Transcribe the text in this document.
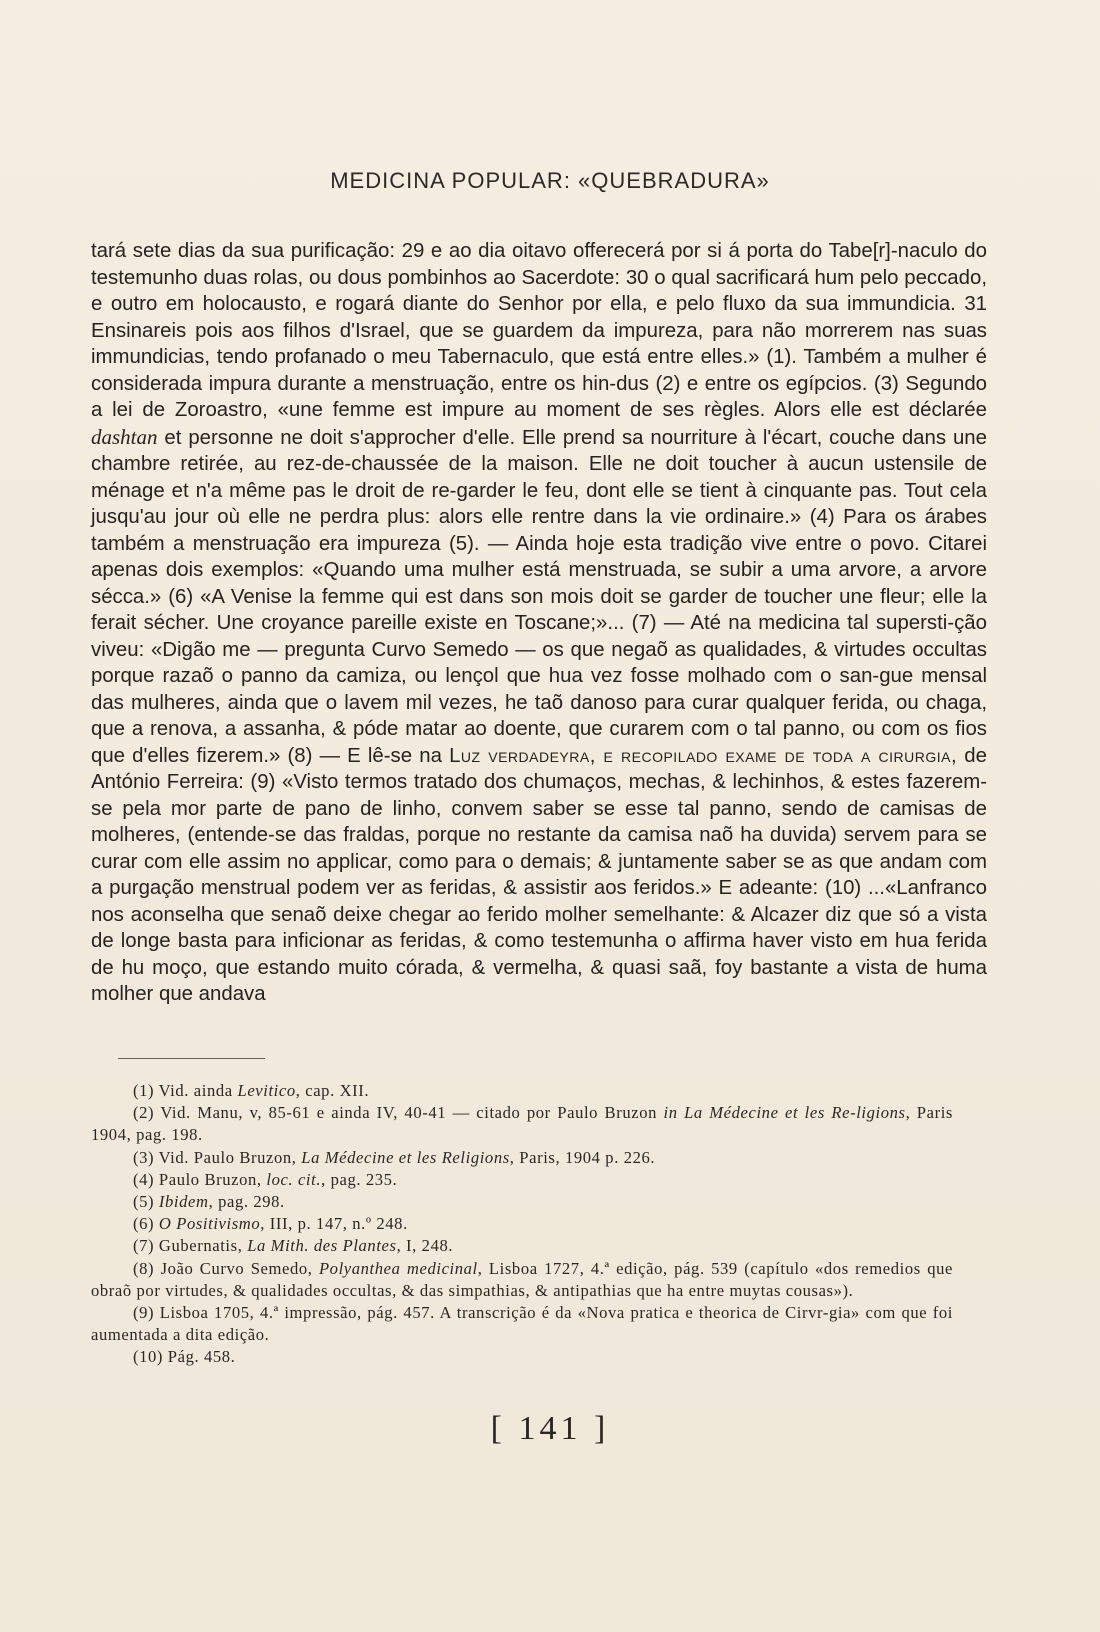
MEDICINA POPULAR: «QUEBRADURA»

tará sete dias da sua purificação: 29 e ao dia oitavo offerecerá por si á porta do Tabe[r]-naculo do testemunho duas rolas, ou dous pombinhos ao Sacerdote: 30 o qual sacrificará hum pelo peccado, e outro em holocausto, e rogará diante do Senhor por ella, e pelo fluxo da sua immundicia. 31 Ensinareis pois aos filhos d'Israel, que se guardem da impureza, para não morrerem nas suas immundicias, tendo profanado o meu Tabernaculo, que está entre elles.» (1). Também a mulher é considerada impura durante a menstruação, entre os hin-dus (2) e entre os egípcios. (3) Segundo a lei de Zoroastro, «une femme est impure au moment de ses règles. Alors elle est déclarée dashtan et personne ne doit s'approcher d'elle. Elle prend sa nourriture à l'écart, couche dans une chambre retirée, au rez-de-chaussée de la maison. Elle ne doit toucher à aucun ustensile de ménage et n'a même pas le droit de re-garder le feu, dont elle se tient à cinquante pas. Tout cela jusqu'au jour où elle ne perdra plus: alors elle rentre dans la vie ordinaire.» (4) Para os árabes também a menstruação era impureza (5). — Ainda hoje esta tradição vive entre o povo. Citarei apenas dois exemplos: «Quando uma mulher está menstruada, se subir a uma arvore, a arvore sécca.» (6) «A Venise la femme qui est dans son mois doit se garder de toucher une fleur; elle la ferait sécher. Une croyance pareille existe en Toscane;»... (7) — Até na medicina tal supersti-ção viveu: «Digão me — pregunta Curvo Semedo — os que negaõ as qualidades, & virtudes occultas porque razaõ o panno da camiza, ou lençol que hua vez fosse molhado com o san-gue mensal das mulheres, ainda que o lavem mil vezes, he taõ danoso para curar qualquer ferida, ou chaga, que a renova, a assanha, & póde matar ao doente, que curarem com o tal panno, ou com os fios que d'elles fizerem.» (8) — E lê-se na Luz verdadeyra, e recopilado exame de toda a cirurgia, de António Ferreira: (9) «Visto termos tratado dos chumaços, mechas, & lechinhos, & estes fazerem-se pela mor parte de pano de linho, convem saber se esse tal panno, sendo de camisas de molheres, (entende-se das fraldas, porque no restante da camisa naõ ha duvida) servem para se curar com elle assim no applicar, como para o demais; & juntamente saber se as que andam com a purgação menstrual podem ver as feridas, & assistir aos feridos.» E adeante: (10) ...«Lanfranco nos aconselha que senaõ deixe chegar ao ferido molher semelhante: & Alcazer diz que só a vista de longe basta para inficionar as feridas, & como testemunha o affirma haver visto em hua ferida de hu moço, que estando muito córada, & vermelha, & quasi saã, foy bastante a vista de huma molher que andava

(1) Vid. ainda Levitico, cap. XII.
(2) Vid. Manu, v, 85-61 e ainda IV, 40-41 — citado por Paulo Bruzon in La Médecine et les Re-ligions, Paris 1904, pag. 198.
(3) Vid. Paulo Bruzon, La Médecine et les Religions, Paris, 1904 p. 226.
(4) Paulo Bruzon, loc. cit., pag. 235.
(5) Ibidem, pag. 298.
(6) O Positivismo, III, p. 147, n.º 248.
(7) Gubernatis, La Mith. des Plantes, I, 248.
(8) João Curvo Semedo, Polyanthea medicinal, Lisboa 1727, 4.ª edição, pág. 539 (capítulo «dos remedios que obraõ por virtudes, & qualidades occultas, & das simpathias, & antipathias que ha entre muytas cousas»).
(9) Lisboa 1705, 4.ª impressão, pág. 457. A transcrição é da «Nova pratica e theorica de Cirvr-gia» com que foi aumentada a dita edição.
(10) Pág. 458.
[ 141 ]
